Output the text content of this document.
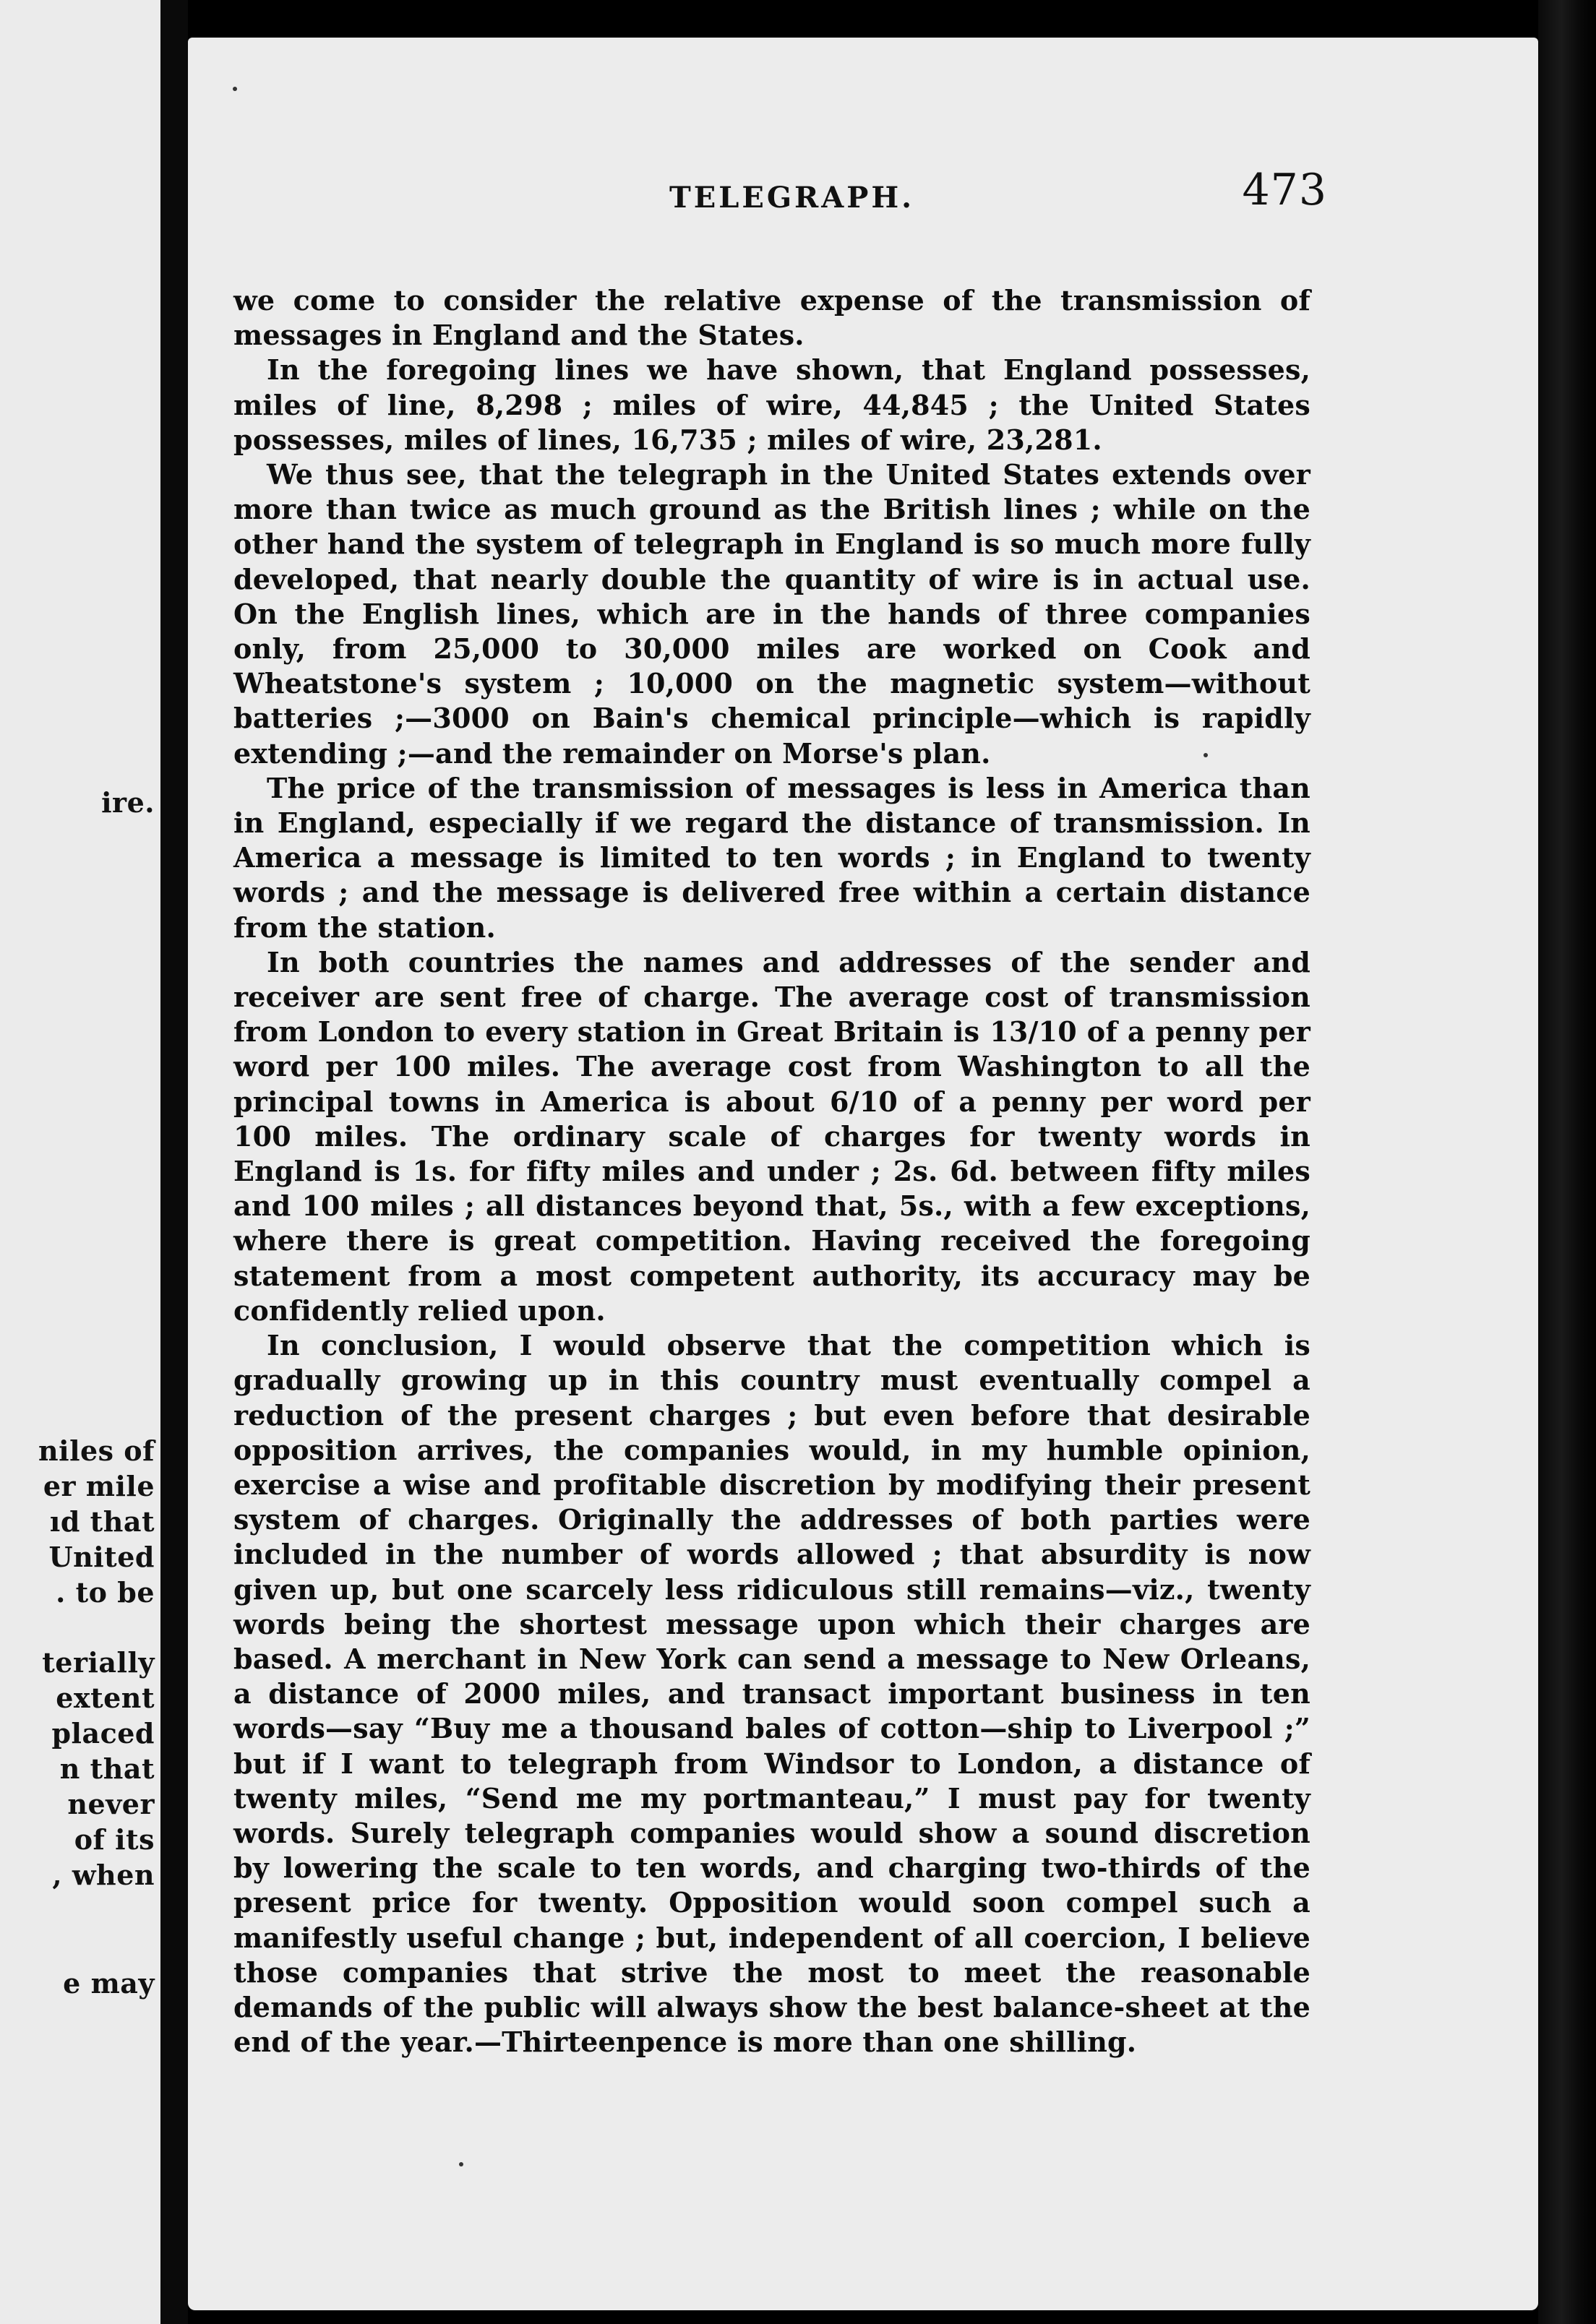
ire.
niles of
er mile
ıd that
United
. to be
terially
extent
placed
n that
never
of its
, when
e may
TELEGRAPH.	473

we come to consider the relative expense of the transmission of messages in England and the States.

In the foregoing lines we have shown, that England possesses, miles of line, 8,298 ; miles of wire, 44,845 ; the United States possesses, miles of lines, 16,735 ; miles of wire, 23,281.

We thus see, that the telegraph in the United States extends over more than twice as much ground as the British lines ; while on the other hand the system of telegraph in England is so much more fully developed, that nearly double the quantity of wire is in actual use. On the English lines, which are in the hands of three companies only, from 25,000 to 30,000 miles are worked on Cook and Wheatstone's system ; 10,000 on the magnetic system—without batteries ;—3000 on Bain's chemical principle—which is rapidly extending ;—and the remainder on Morse's plan.

The price of the transmission of messages is less in America than in England, especially if we regard the distance of transmission. In America a message is limited to ten words ; in England to twenty words ; and the message is delivered free within a certain distance from the station.

In both countries the names and addresses of the sender and receiver are sent free of charge. The average cost of transmission from London to every station in Great Britain is 13/10 of a penny per word per 100 miles. The average cost from Washington to all the principal towns in America is about 6/10 of a penny per word per 100 miles. The ordinary scale of charges for twenty words in England is 1s. for fifty miles and under ; 2s. 6d. between fifty miles and 100 miles ; all distances beyond that, 5s., with a few exceptions, where there is great competition. Having received the foregoing statement from a most competent authority, its accuracy may be confidently relied upon.

In conclusion, I would observe that the competition which is gradually growing up in this country must eventually compel a reduction of the present charges ; but even before that desirable opposition arrives, the companies would, in my humble opinion, exercise a wise and profitable discretion by modifying their present system of charges. Originally the addresses of both parties were included in the number of words allowed ; that absurdity is now given up, but one scarcely less ridiculous still remains—viz., twenty words being the shortest message upon which their charges are based. A merchant in New York can send a message to New Orleans, a distance of 2000 miles, and transact important business in ten words—say “Buy me a thousand bales of cotton—ship to Liverpool ;” but if I want to telegraph from Windsor to London, a distance of twenty miles, “Send me my portmanteau,” I must pay for twenty words. Surely telegraph companies would show a sound discretion by lowering the scale to ten words, and charging two-thirds of the present price for twenty. Opposition would soon compel such a manifestly useful change ; but, independent of all coercion, I believe those companies that strive the most to meet the reasonable demands of the public will always show the best balance-sheet at the end of the year.—Thirteenpence is more than one shilling.
